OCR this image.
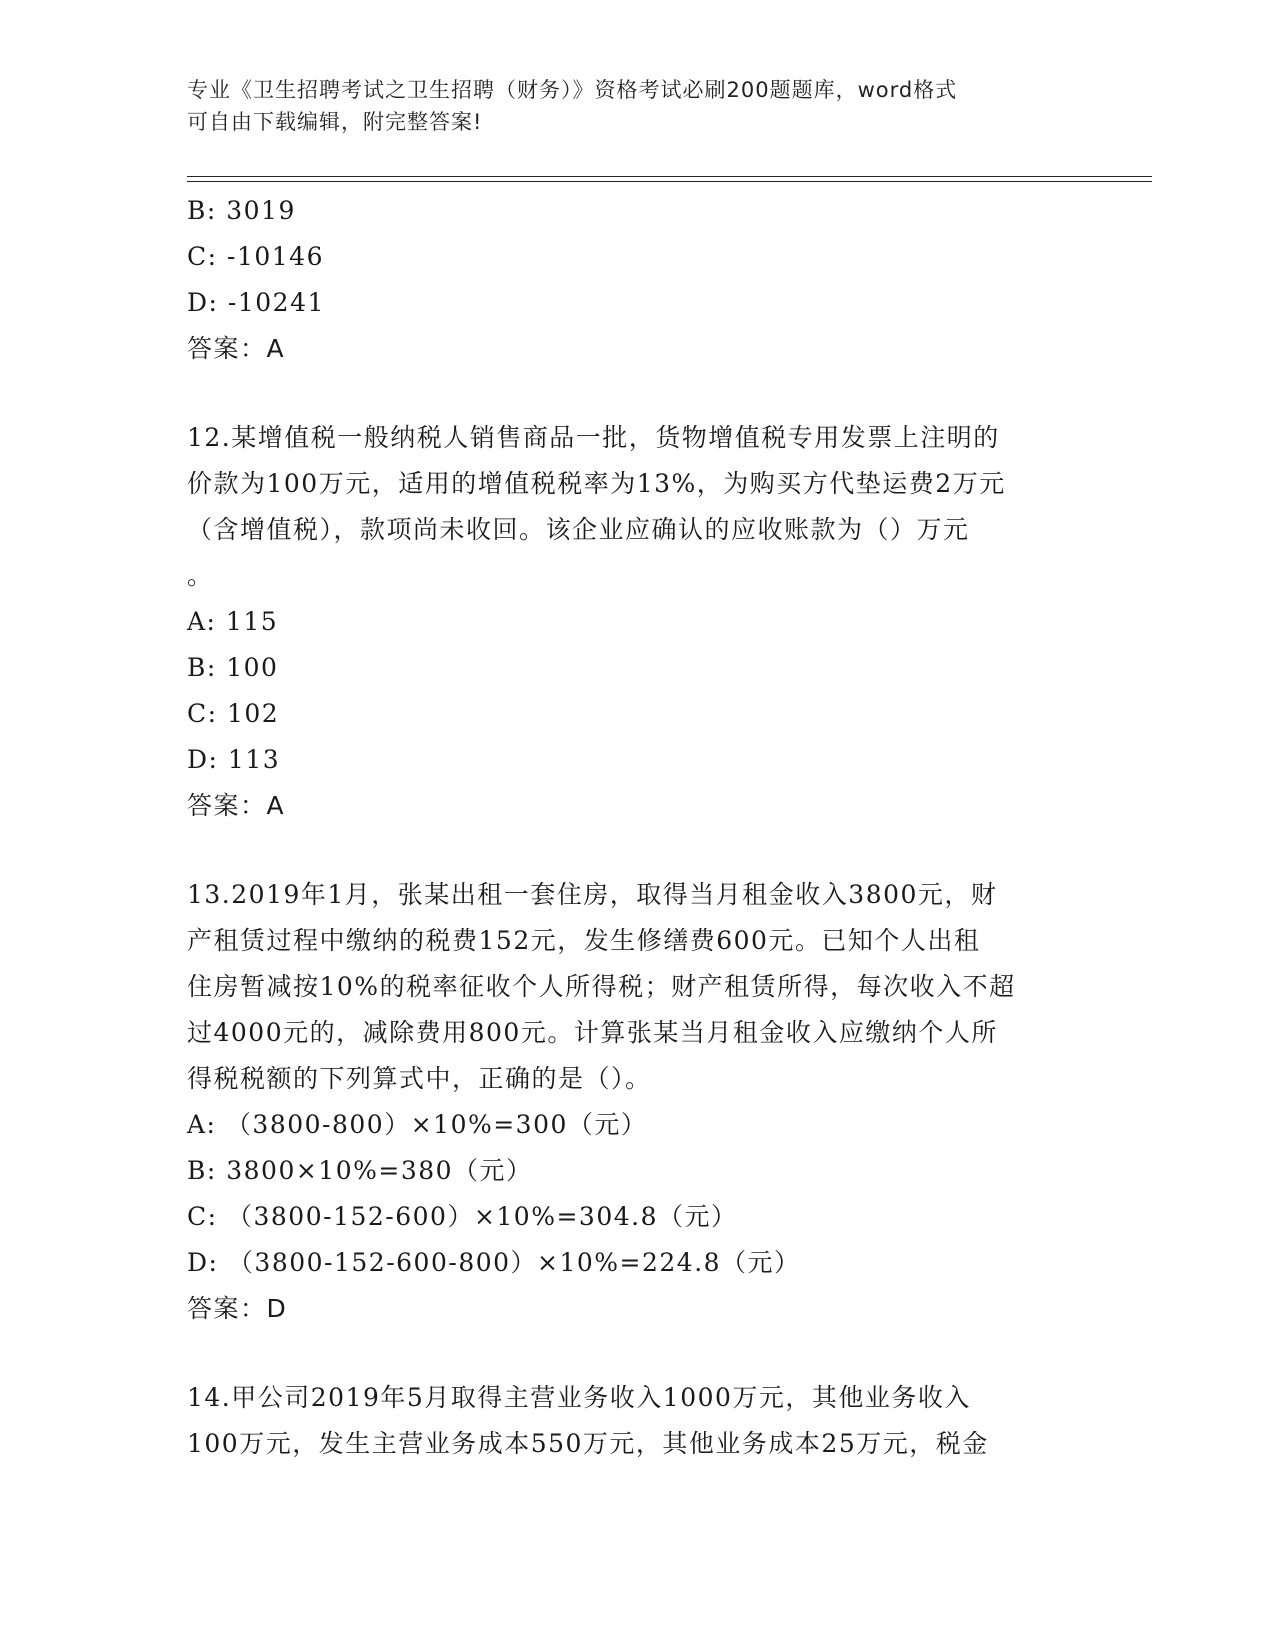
专业《卫生招聘考试之卫生招聘（财务）》资格考试必刷200题题库，word格式
可自由下载编辑，附完整答案!
B: 3019
C: -10146
D: -10241
答案：A
12.某增值税一般纳税人销售商品一批，货物增值税专用发票上注明的
价款为100万元，适用的增值税税率为13%，为购买方代垫运费2万元
（含增值税），款项尚未收回。该企业应确认的应收账款为（）万元
。
A: 115
B: 100
C: 102
D: 113
答案：A
13.2019年1月，张某出租一套住房，取得当月租金收入3800元，财
产租赁过程中缴纳的税费152元，发生修缮费600元。已知个人出租
住房暂减按10%的税率征收个人所得税；财产租赁所得，每次收入不超
过4000元的，减除费用800元。计算张某当月租金收入应缴纳个人所
得税税额的下列算式中，正确的是（）。
A: （3800-800）×10%=300（元）
B: 3800×10%=380（元）
C: （3800-152-600）×10%=304.8（元）
D: （3800-152-600-800）×10%=224.8（元）
答案：D
14.甲公司2019年5月取得主营业务收入1000万元，其他业务收入
100万元，发生主营业务成本550万元，其他业务成本25万元，税金
